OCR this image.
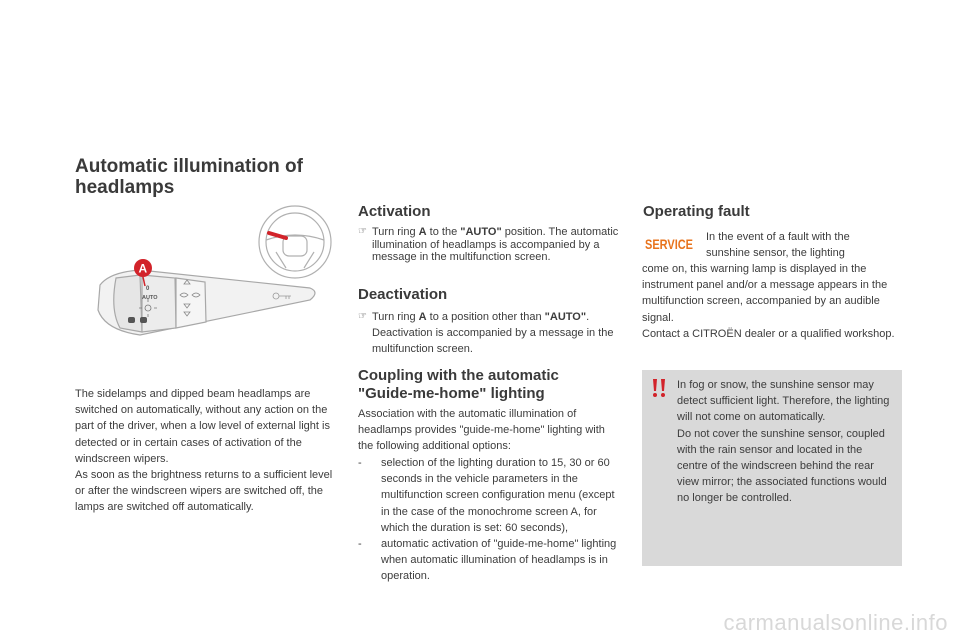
Automatic illumination of headlamps
0
AUTO
A
The sidelamps and dipped beam headlamps are switched on automatically, without any action on the part of the driver, when a low level of external light is detected or in certain cases of activation of the windscreen wipers.
As soon as the brightness returns to a sufficient level or after the windscreen wipers are switched off, the lamps are switched off automatically.
Activation
☞ Turn ring A to the "AUTO" position. The automatic illumination of headlamps is accompanied by a message in the multifunction screen.
Deactivation
☞ Turn ring A to a position other than "AUTO". Deactivation is accompanied by a message in the multifunction screen.
Coupling with the automatic
"Guide-me-home" lighting
Association with the automatic illumination of headlamps provides "guide-me-home" lighting with the following additional options:
-	selection of the lighting duration to 15, 30 or 60 seconds in the vehicle parameters in the multifunction screen configuration menu (except in the case of the monochrome screen A, for which the duration is set: 60 seconds),
-	automatic activation of "guide-me-home" lighting when automatic illumination of headlamps is in operation.
Operating fault
SERVICE In the event of a fault with the
sunshine sensor, the lighting
come on, this warning lamp is displayed in the instrument panel and/or a message appears in the multifunction screen, accompanied by an audible signal.
Contact a CITROËN dealer or a qualified workshop.
In fog or snow, the sunshine sensor may detect sufficient light. Therefore, the lighting will not come on automatically.
Do not cover the sunshine sensor, coupled with the rain sensor and located in the centre of the windscreen behind the rear view mirror; the associated functions would no longer be controlled.
carmanualsonline.info
